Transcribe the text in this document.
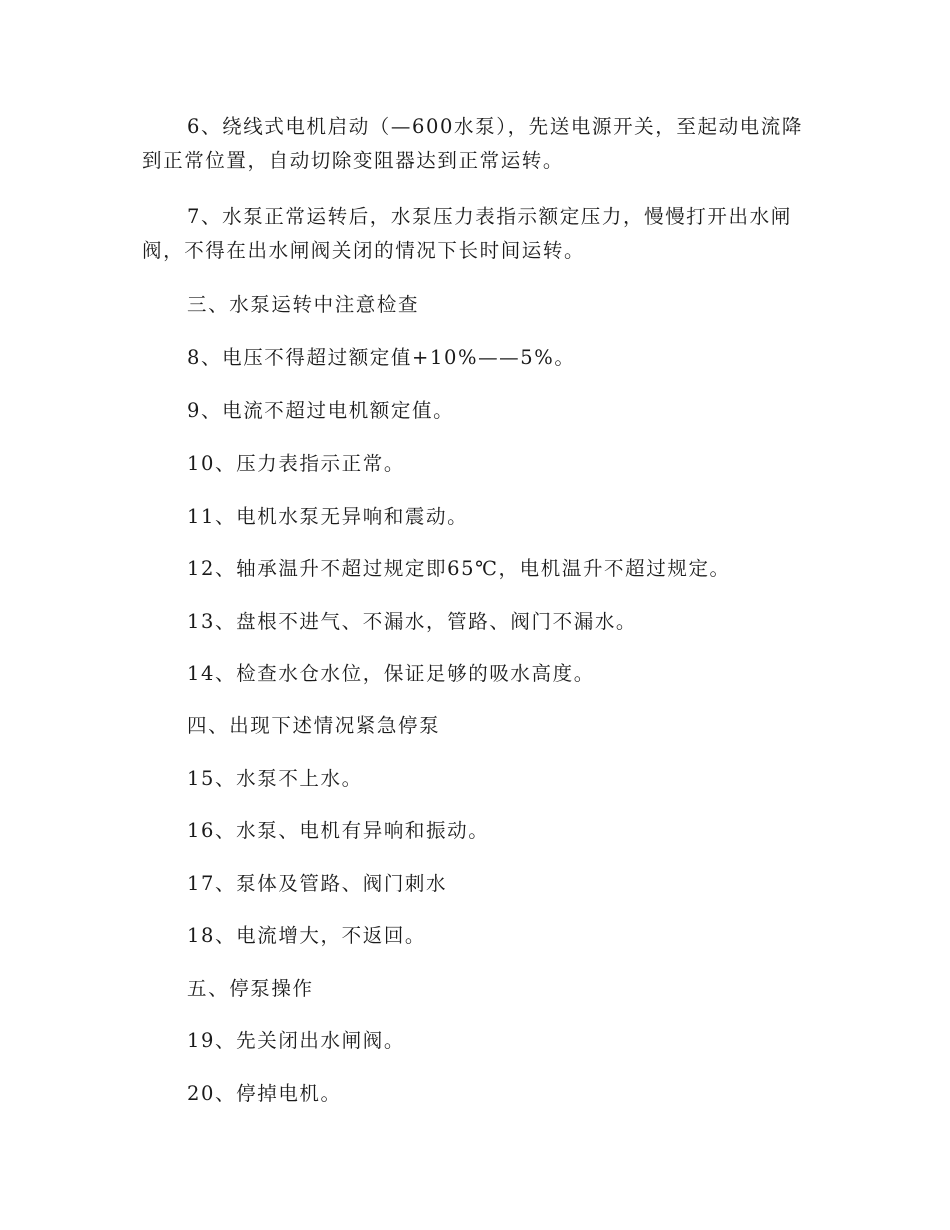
6、绕线式电机启动（—600水泵），先送电源开关，至起动电流降到正常位置，自动切除变阻器达到正常运转。

7、水泵正常运转后，水泵压力表指示额定压力，慢慢打开出水闸阀，不得在出水闸阀关闭的情况下长时间运转。

三、水泵运转中注意检查

8、电压不得超过额定值+10%——5%。

9、电流不超过电机额定值。

10、压力表指示正常。

11、电机水泵无异响和震动。

12、轴承温升不超过规定即65℃，电机温升不超过规定。

13、盘根不进气、不漏水，管路、阀门不漏水。

14、检查水仓水位，保证足够的吸水高度。

四、出现下述情况紧急停泵

15、水泵不上水。

16、水泵、电机有异响和振动。

17、泵体及管路、阀门刺水

18、电流增大，不返回。

五、停泵操作

19、先关闭出水闸阀。

20、停掉电机。
